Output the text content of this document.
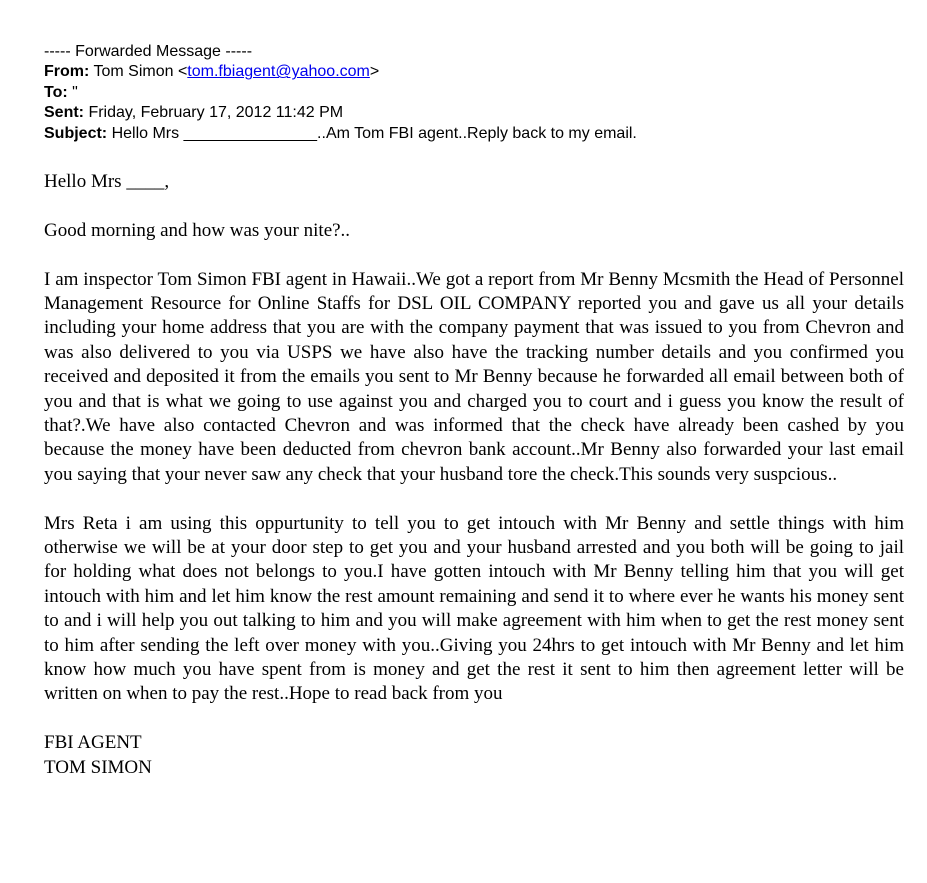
----- Forwarded Message -----
From: Tom Simon <tom.fbiagent@yahoo.com>
To: "
Sent: Friday, February 17, 2012 11:42 PM
Subject: Hello Mrs _______________..Am Tom FBI agent..Reply back to my email.

Hello Mrs ____,

Good morning and how was your nite?..

I am inspector Tom Simon FBI agent in Hawaii..We got a report from Mr Benny Mcsmith the Head of Personnel Management Resource for Online Staffs for DSL OIL COMPANY reported you and gave us all your details including your home address that you are with the company payment that was issued to you from Chevron and was also delivered to you via USPS we have also have the tracking number details and you confirmed you received and deposited it from the emails you sent to Mr Benny because he forwarded all email between both of you and that is what we going to use against you and charged you to court and i guess you know the result of that?.We have also contacted Chevron and was informed that the check have already been cashed by you because the money have been deducted from chevron bank account..Mr Benny also forwarded your last email you saying that your never saw any check that your husband tore the check.This sounds very suspcious..

Mrs Reta i am using this oppurtunity to tell you to get intouch with Mr Benny and settle things with him otherwise we will be at your door step to get you and your husband arrested and you both will be going to jail for holding what does not belongs to you.I have gotten intouch with Mr Benny telling him that you will get intouch with him and let him know the rest amount remaining and send it to where ever he wants his money sent to and i will help you out talking to him and you will make agreement with him when to get the rest money sent to him after sending the left over money with you..Giving you 24hrs to get intouch with Mr Benny and let him know how much you have spent from is money and get the rest it sent to him then agreement letter will be written on when to pay the rest..Hope to read back from you

FBI AGENT
TOM SIMON
